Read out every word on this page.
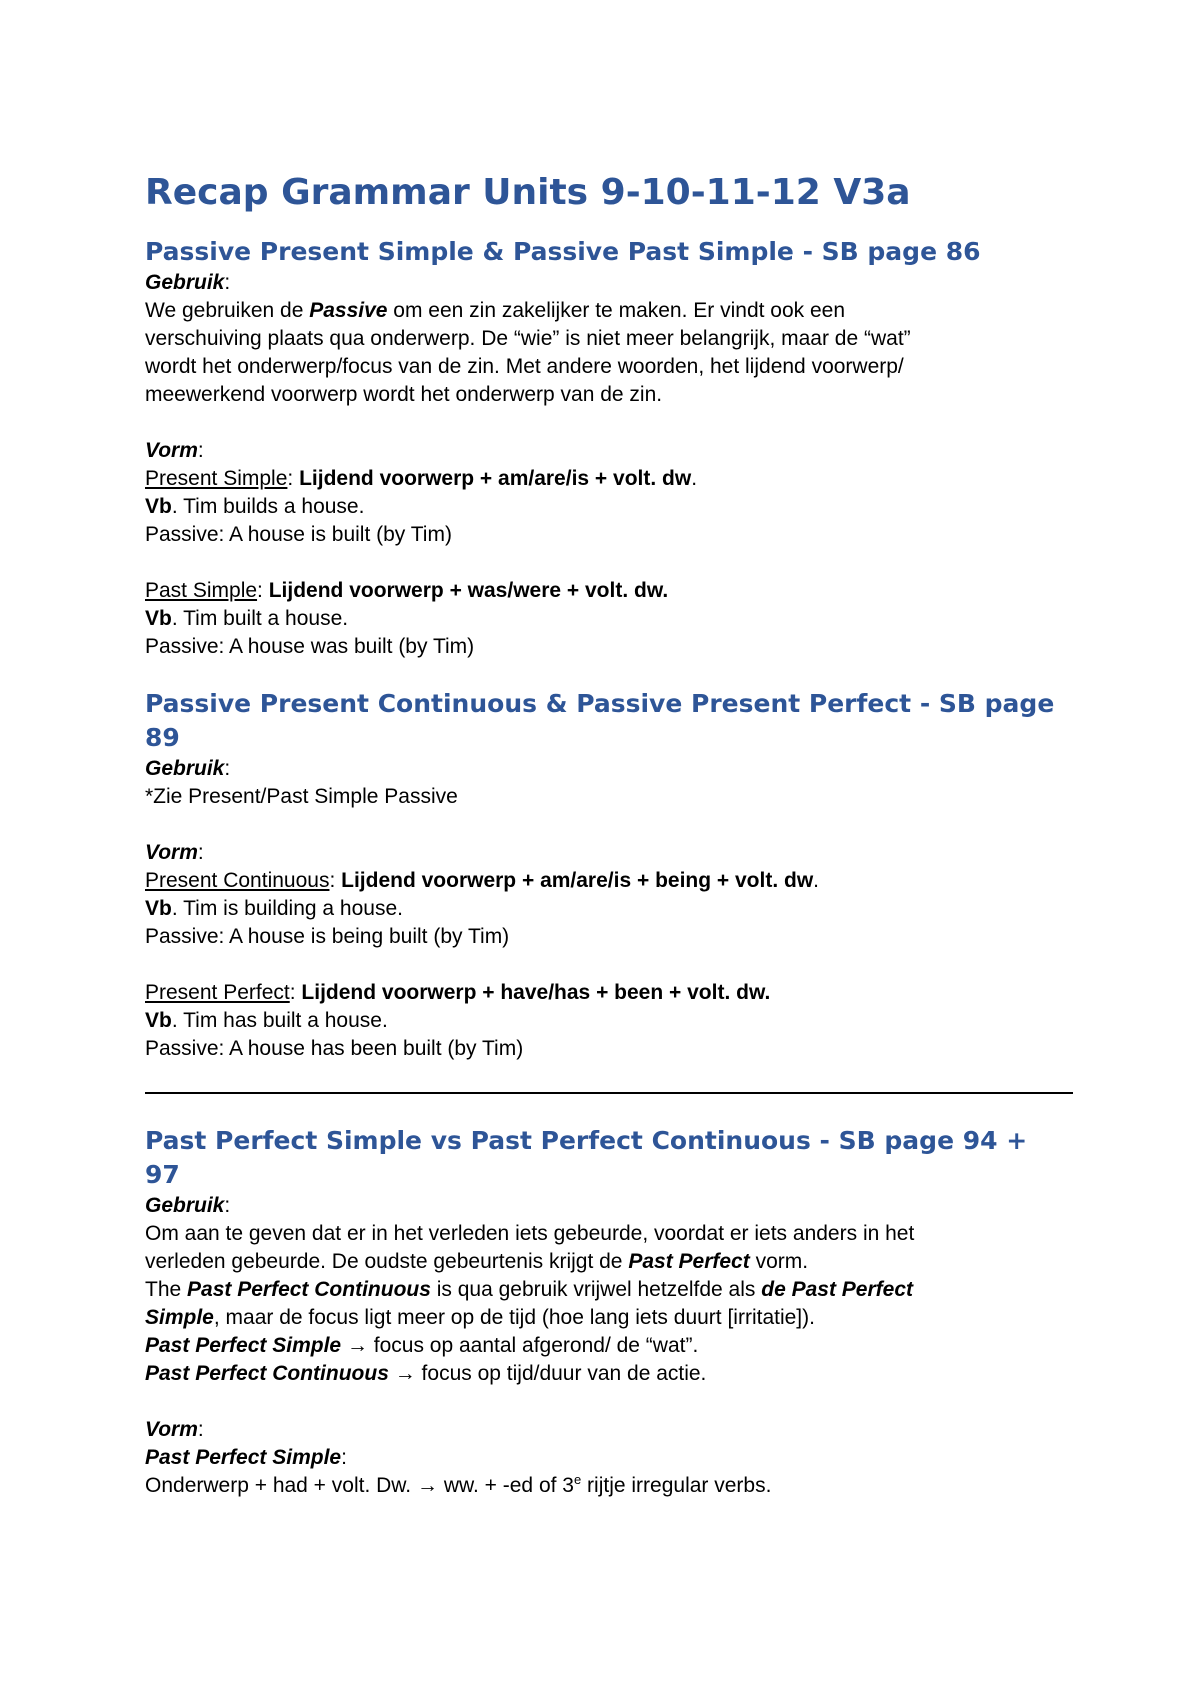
Recap Grammar Units 9-10-11-12 V3a
Passive Present Simple & Passive Past Simple - SB page 86

Gebruik:

We gebruiken de Passive om een zin zakelijker te maken. Er vindt ook een

verschuiving plaats qua onderwerp. De “wie” is niet meer belangrijk, maar de “wat”

wordt het onderwerp/focus van de zin. Met andere woorden, het lijdend voorwerp/

meewerkend voorwerp wordt het onderwerp van de zin.

Vorm:

Present Simple: Lijdend voorwerp + am/are/is + volt. dw.

Vb. Tim builds a house.

Passive: A house is built (by Tim)

Past Simple: Lijdend voorwerp + was/were + volt. dw.

Vb. Tim built a house.

Passive: A house was built (by Tim)

Passive Present Continuous & Passive Present Perfect - SB page 89

Gebruik:

*Zie Present/Past Simple Passive

Vorm:

Present Continuous: Lijdend voorwerp + am/are/is + being + volt. dw.

Vb. Tim is building a house.

Passive: A house is being built (by Tim)

Present Perfect: Lijdend voorwerp + have/has + been + volt. dw.

Vb. Tim has built a house.

Passive: A house has been built (by Tim)

Past Perfect Simple vs Past Perfect Continuous - SB page 94 + 97

Gebruik:

Om aan te geven dat er in het verleden iets gebeurde, voordat er iets anders in het

verleden gebeurde. De oudste gebeurtenis krijgt de Past Perfect vorm.

The Past Perfect Continuous is qua gebruik vrijwel hetzelfde als de Past Perfect

Simple, maar de focus ligt meer op de tijd (hoe lang iets duurt [irritatie]).

Past Perfect Simple → focus op aantal afgerond/ de “wat”.

Past Perfect Continuous → focus op tijd/duur van de actie.

Vorm:

Past Perfect Simple:

Onderwerp + had + volt. Dw. → ww. + -ed of 3e rijtje irregular verbs.
